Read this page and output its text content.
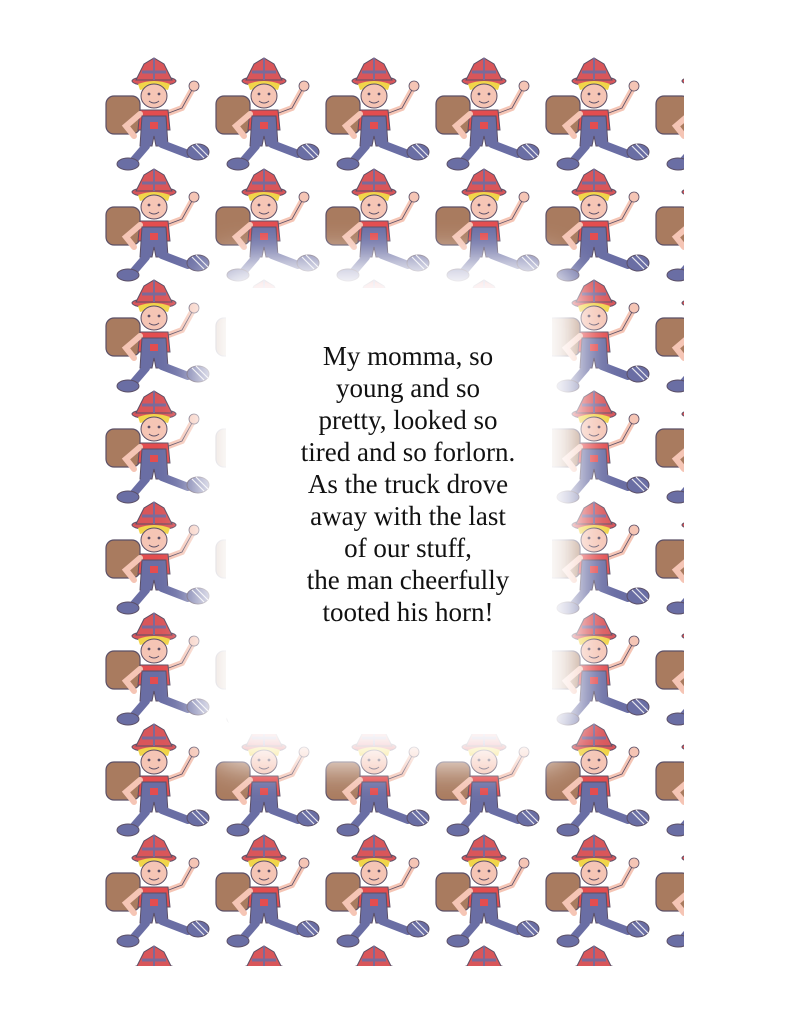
My momma, so
young and so
pretty, looked so
tired and so forlorn.
As the truck drove
away with the last
of our stuff,
the man cheerfully
tooted his horn!
